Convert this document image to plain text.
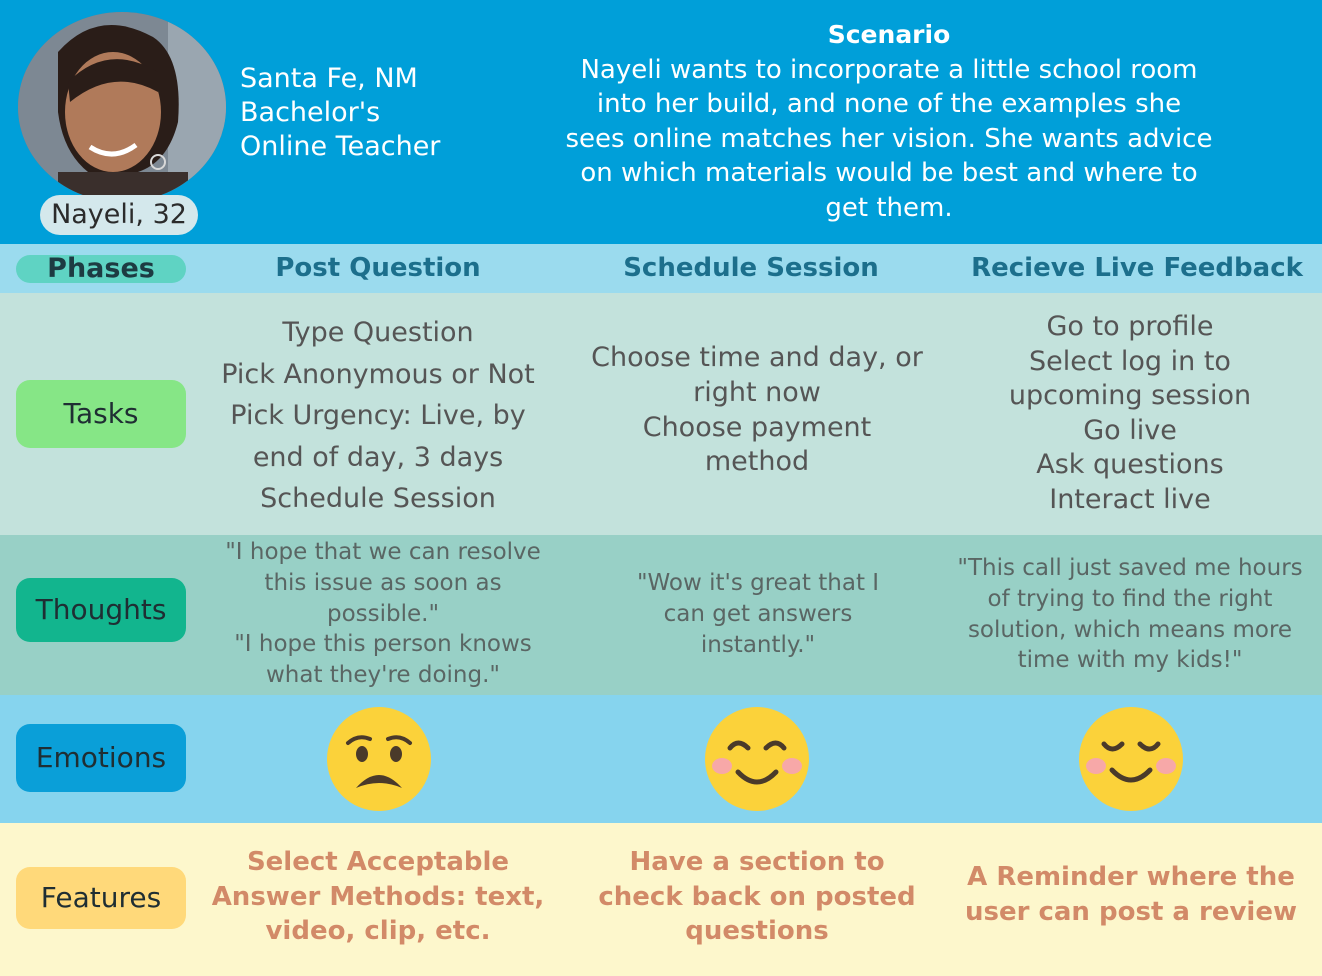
Nayeli, 32
Santa Fe, NM
Bachelor's
Online Teacher
Scenario
Nayeli wants to incorporate a little school room
into her build, and none of the examples she
sees online matches her vision. She wants advice
on which materials would be best and where to
get them.
Phases
Tasks
Thoughts
Emotions
Features
Post Question	Schedule Session	Recieve Live Feedback
Type Question
Pick Anonymous or Not
Pick Urgency: Live, by
end of day, 3 days
Schedule Session
Choose time and day, or
right now
Choose payment
method
Go to profile
Select log in to
upcoming session
Go live
Ask questions
Interact live
"I hope that we can resolve
this issue as soon as
possible."
"I hope this person knows
what they're doing."
"Wow it's great that I
can get answers
instantly."
"This call just saved me hours
of trying to find the right
solution, which means more
time with my kids!"
Select Acceptable
Answer Methods: text,
video, clip, etc.
Have a section to
check back on posted
questions
A Reminder where the
user can post a review
